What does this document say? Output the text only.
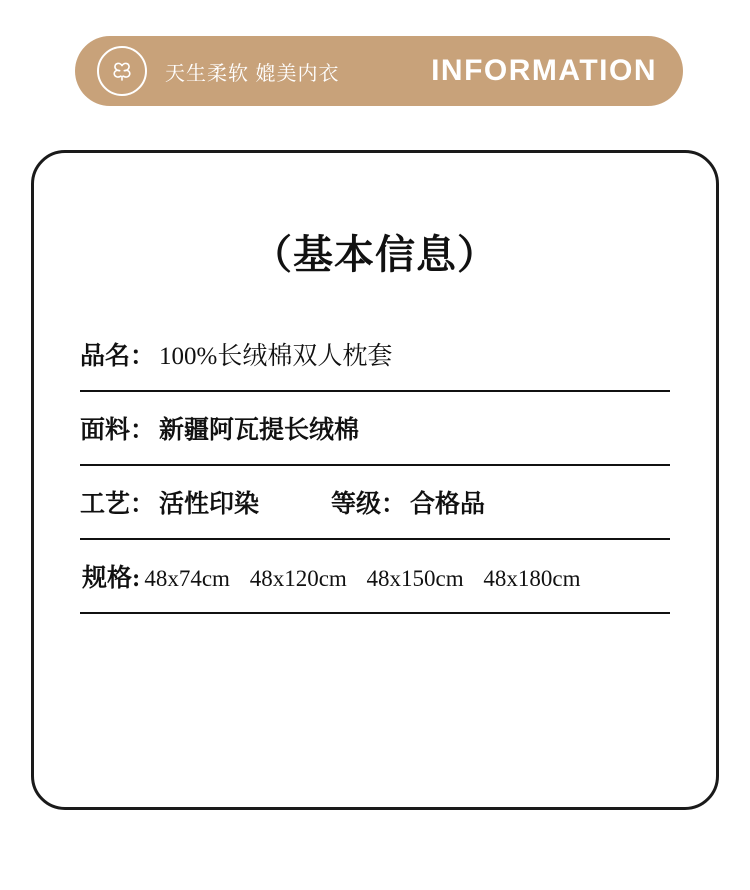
天生柔软 媲美内衣	INFORMATION
（基本信息）
品名： 100%长绒棉双人枕套
面料： 新疆阿瓦提长绒棉
工艺： 活性印染	等级： 合格品
规格: 48x74cm 48x120cm 48x150cm 48x180cm
